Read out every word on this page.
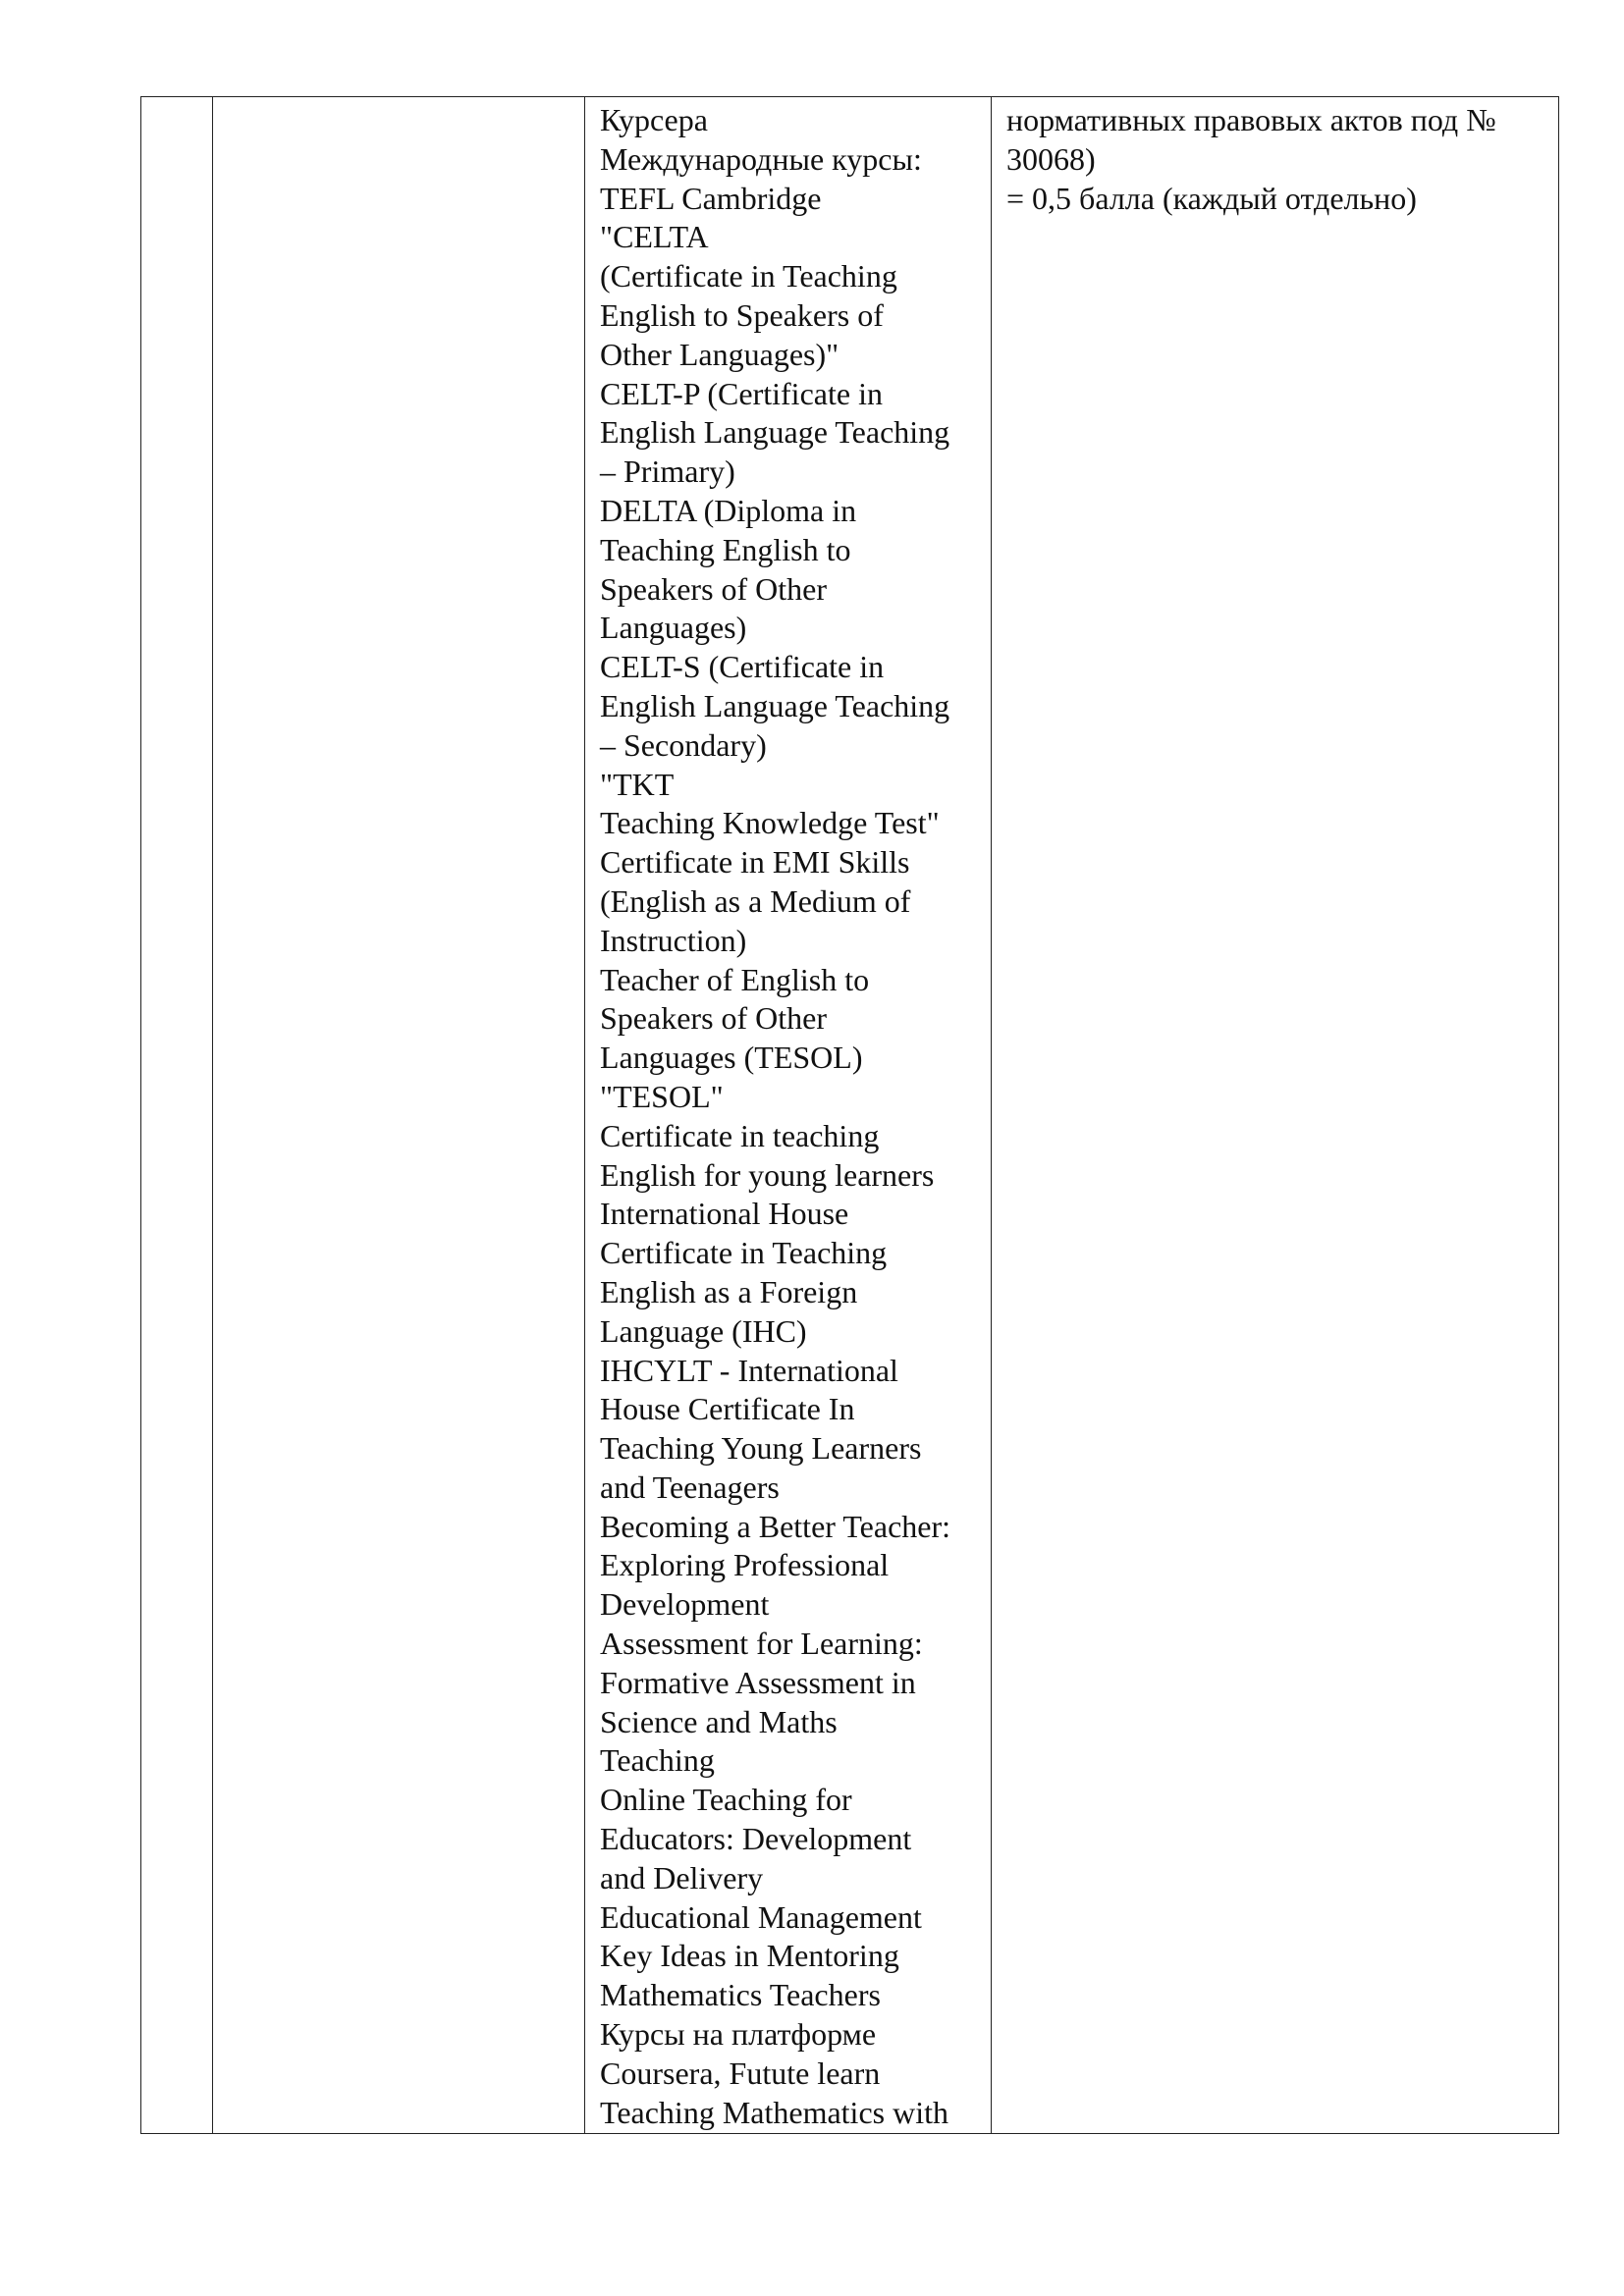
Курсера
Международные курсы:
TEFL Cambridge
"CELTA
(Certificate in Teaching
English to Speakers of
Other Languages)"
CELT-P (Certificate in
English Language Teaching
– Primary)
DELTA (Diploma in
Teaching English to
Speakers of Other
Languages)
CELT-S (Certificate in
English Language Teaching
– Secondary)
"TKT
Teaching Knowledge Test"
Certificate in EMI Skills
(English as a Medium of
Instruction)
Teacher of English to
Speakers of Other
Languages (TESOL)
"TESOL"
Certificate in teaching
English for young learners
International House
Certificate in Teaching
English as a Foreign
Language (IHC)
IHCYLT - International
House Certificate In
Teaching Young Learners
and Teenagers
Becoming a Better Teacher:
Exploring Professional
Development
Assessment for Learning:
Formative Assessment in
Science and Maths
Teaching
Online Teaching for
Educators: Development
and Delivery
Educational Management
Key Ideas in Mentoring
Mathematics Teachers
Курсы на платформе
Coursera, Futute learn
Teaching Mathematics with

нормативных правовых актов под №
30068)
= 0,5 балла (каждый отдельно)
